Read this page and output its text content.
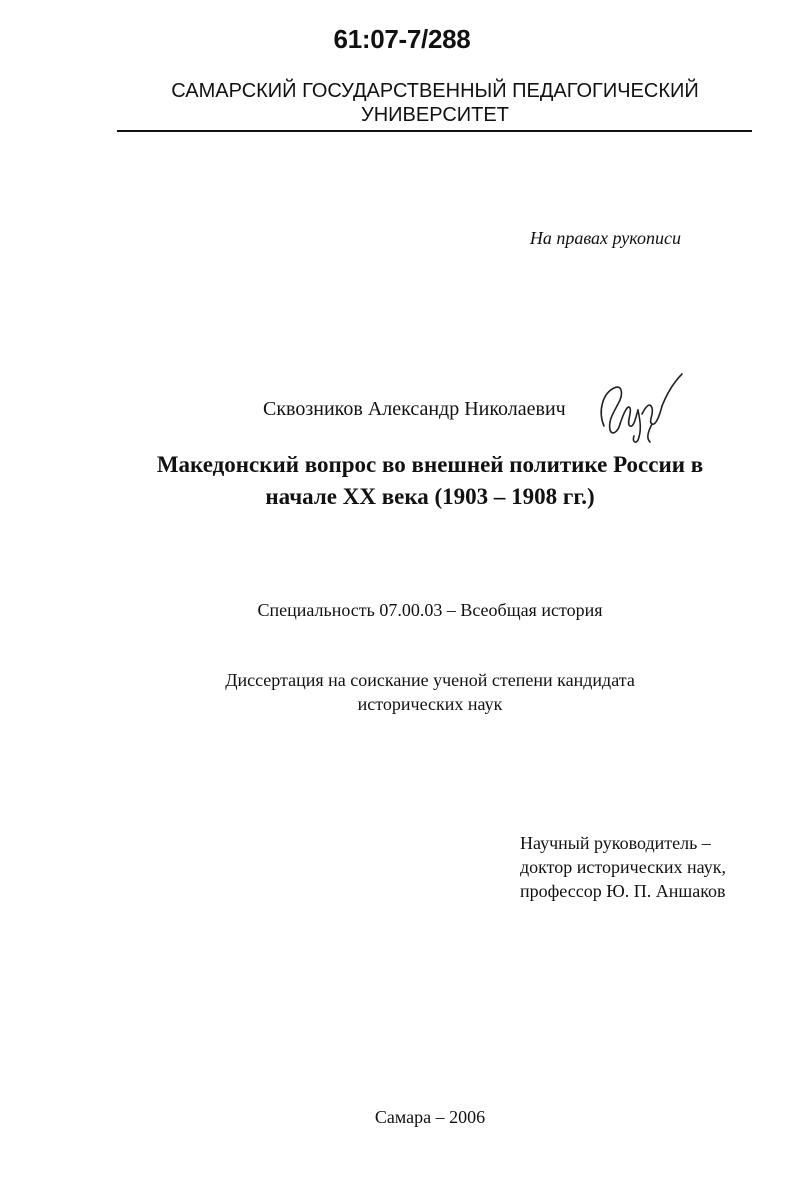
61:07-7/288
САМАРСКИЙ ГОСУДАРСТВЕННЫЙ ПЕДАГОГИЧЕСКИЙ
УНИВЕРСИТЕТ
На правах рукописи
Сквозников Александр Николаевич
Македонский вопрос во внешней политике России в
начале XX века (1903 – 1908 гг.)
Специальность 07.00.03 – Всеобщая история
Диссертация на соискание ученой степени кандидата
исторических наук
Научный руководитель –
доктор исторических наук,
профессор Ю. П. Аншаков
Самара – 2006
